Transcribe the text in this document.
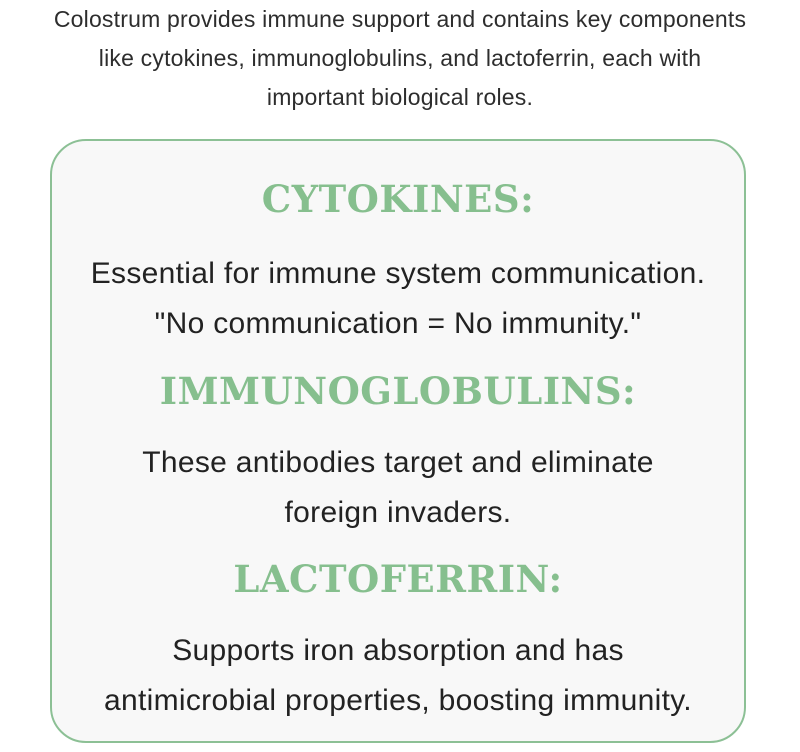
Colostrum provides immune support and contains key components
like cytokines, immunoglobulins, and lactoferrin, each with
important biological roles.
CYTOKINES:
Essential for immune system communication.
"No communication = No immunity."
IMMUNOGLOBULINS:
These antibodies target and eliminate
foreign invaders.
LACTOFERRIN:
Supports iron absorption and has
antimicrobial properties, boosting immunity.
